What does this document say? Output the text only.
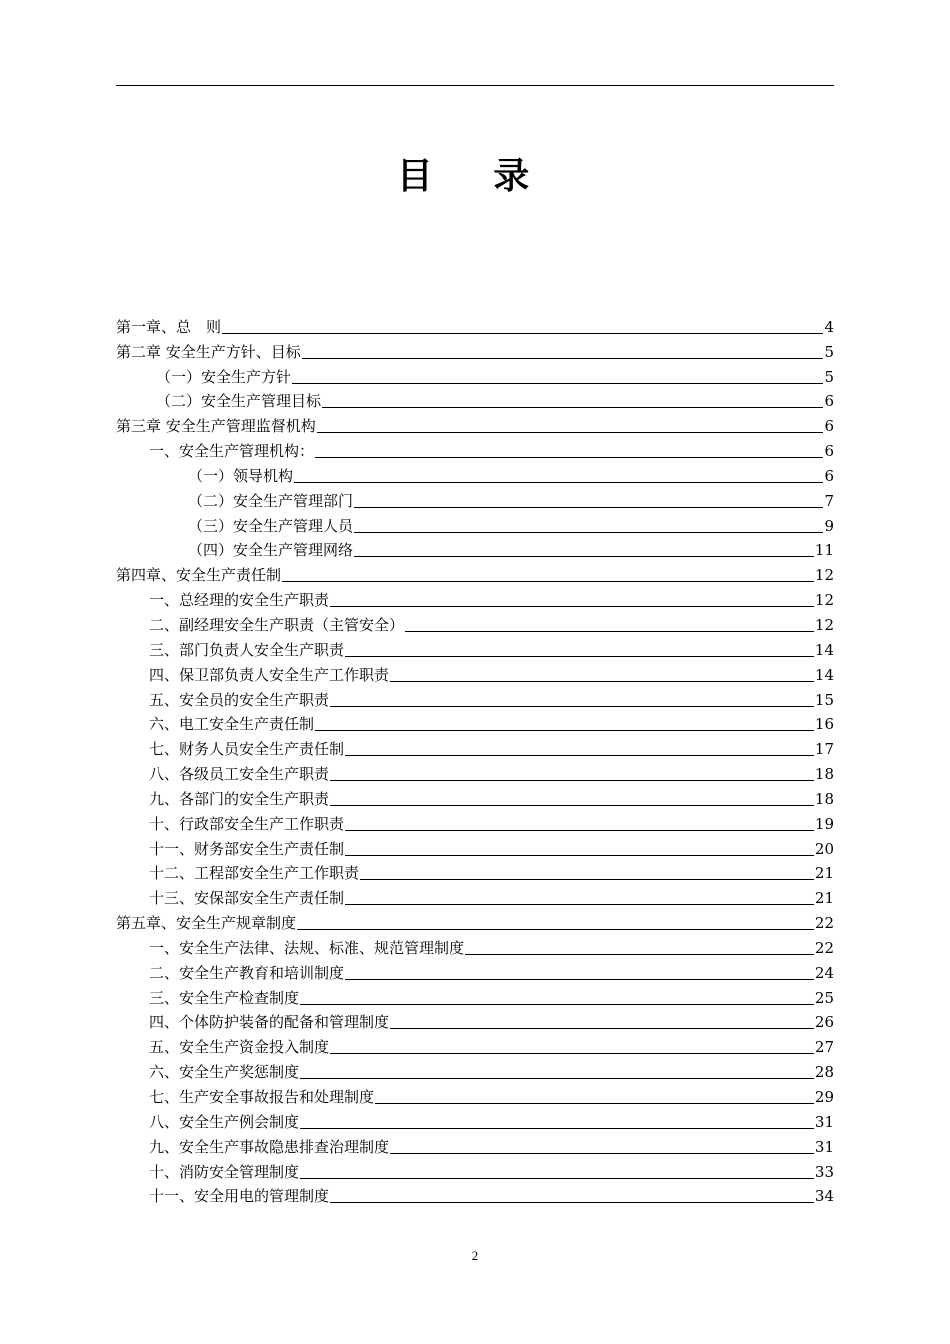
目 录
第一章、总　则	4
第二章 安全生产方针、目标	5
（一）安全生产方针	5
（二）安全生产管理目标	6
第三章 安全生产管理监督机构	6
一、安全生产管理机构：	6
（一）领导机构	6
（二）安全生产管理部门	7
（三）安全生产管理人员	9
（四）安全生产管理网络	11
第四章、安全生产责任制	12
一、总经理的安全生产职责	12
二、副经理安全生产职责（主管安全）	12
三、部门负责人安全生产职责	14
四、保卫部负责人安全生产工作职责	14
五、安全员的安全生产职责	15
六、电工安全生产责任制	16
七、财务人员安全生产责任制	17
八、各级员工安全生产职责	18
九、各部门的安全生产职责	18
十、行政部安全生产工作职责	19
十一、财务部安全生产责任制	20
十二、工程部安全生产工作职责	21
十三、安保部安全生产责任制	21
第五章、安全生产规章制度	22
一、安全生产法律、法规、标准、规范管理制度	22
二、安全生产教育和培训制度	24
三、安全生产检查制度	25
四、个体防护装备的配备和管理制度	26
五、安全生产资金投入制度	27
六、安全生产奖惩制度	28
七、生产安全事故报告和处理制度	29
八、安全生产例会制度	31
九、安全生产事故隐患排查治理制度	31
十、消防安全管理制度	33
十一、安全用电的管理制度	34
2
